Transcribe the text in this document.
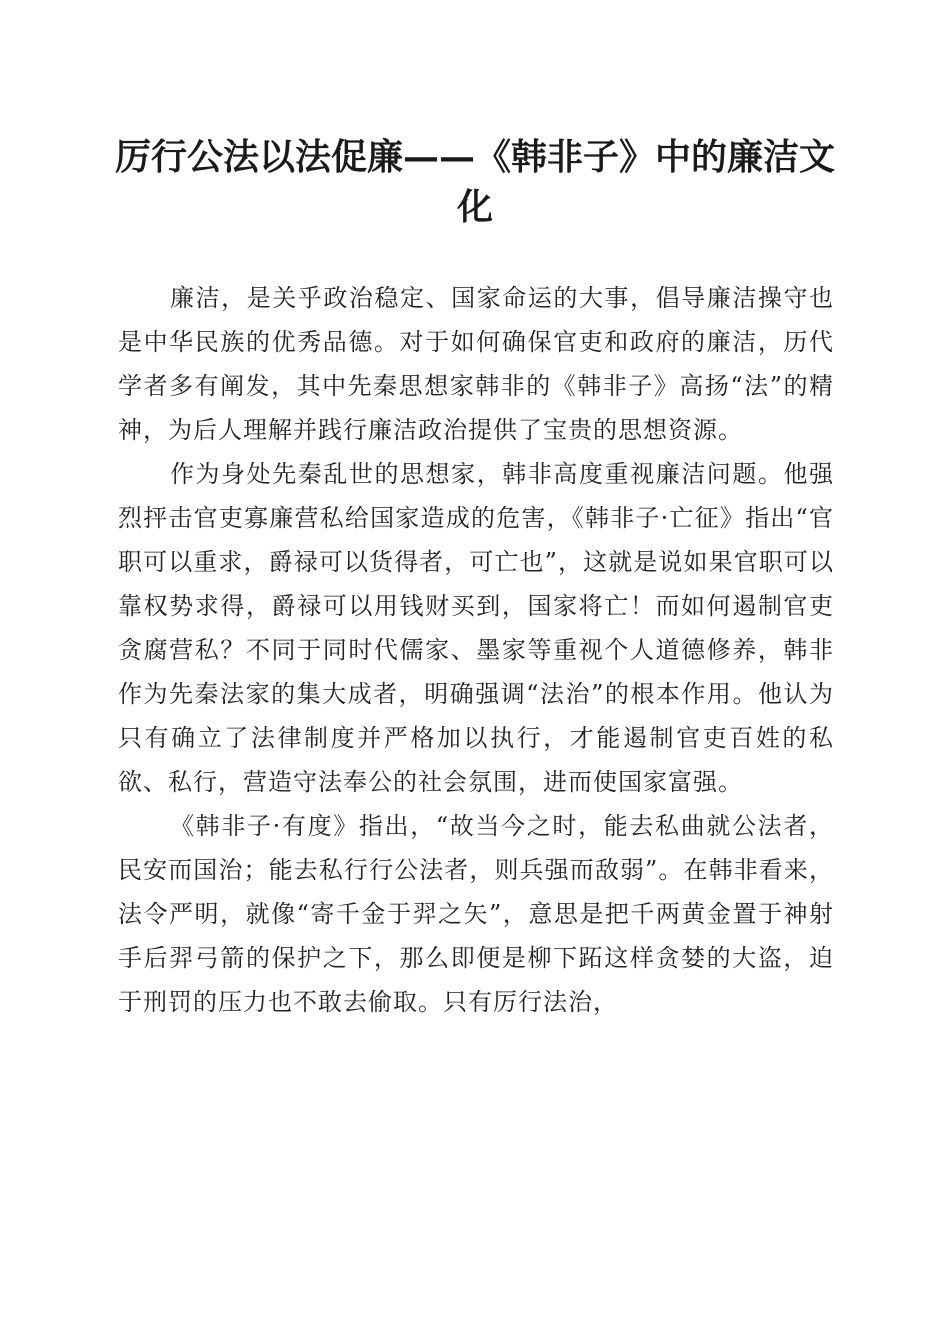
厉行公法以法促廉——《韩非子》中的廉洁文化

廉洁，是关乎政治稳定、国家命运的大事，倡导廉洁操守也是中华民族的优秀品德。对于如何确保官吏和政府的廉洁，历代学者多有阐发，其中先秦思想家韩非的《韩非子》高扬“法”的精神，为后人理解并践行廉洁政治提供了宝贵的思想资源。

作为身处先秦乱世的思想家，韩非高度重视廉洁问题。他强烈抨击官吏寡廉营私给国家造成的危害，《韩非子·亡征》指出“官职可以重求，爵禄可以货得者，可亡也”，这就是说如果官职可以靠权势求得，爵禄可以用钱财买到，国家将亡！而如何遏制官吏贪腐营私？不同于同时代儒家、墨家等重视个人道德修养，韩非作为先秦法家的集大成者，明确强调“法治”的根本作用。他认为只有确立了法律制度并严格加以执行，才能遏制官吏百姓的私欲、私行，营造守法奉公的社会氛围，进而使国家富强。

《韩非子·有度》指出，“故当今之时，能去私曲就公法者，民安而国治；能去私行行公法者，则兵强而敌弱”。在韩非看来，法令严明，就像“寄千金于羿之矢”，意思是把千两黄金置于神射手后羿弓箭的保护之下，那么即便是柳下跖这样贪婪的大盗，迫于刑罚的压力也不敢去偷取。只有厉行法治，
